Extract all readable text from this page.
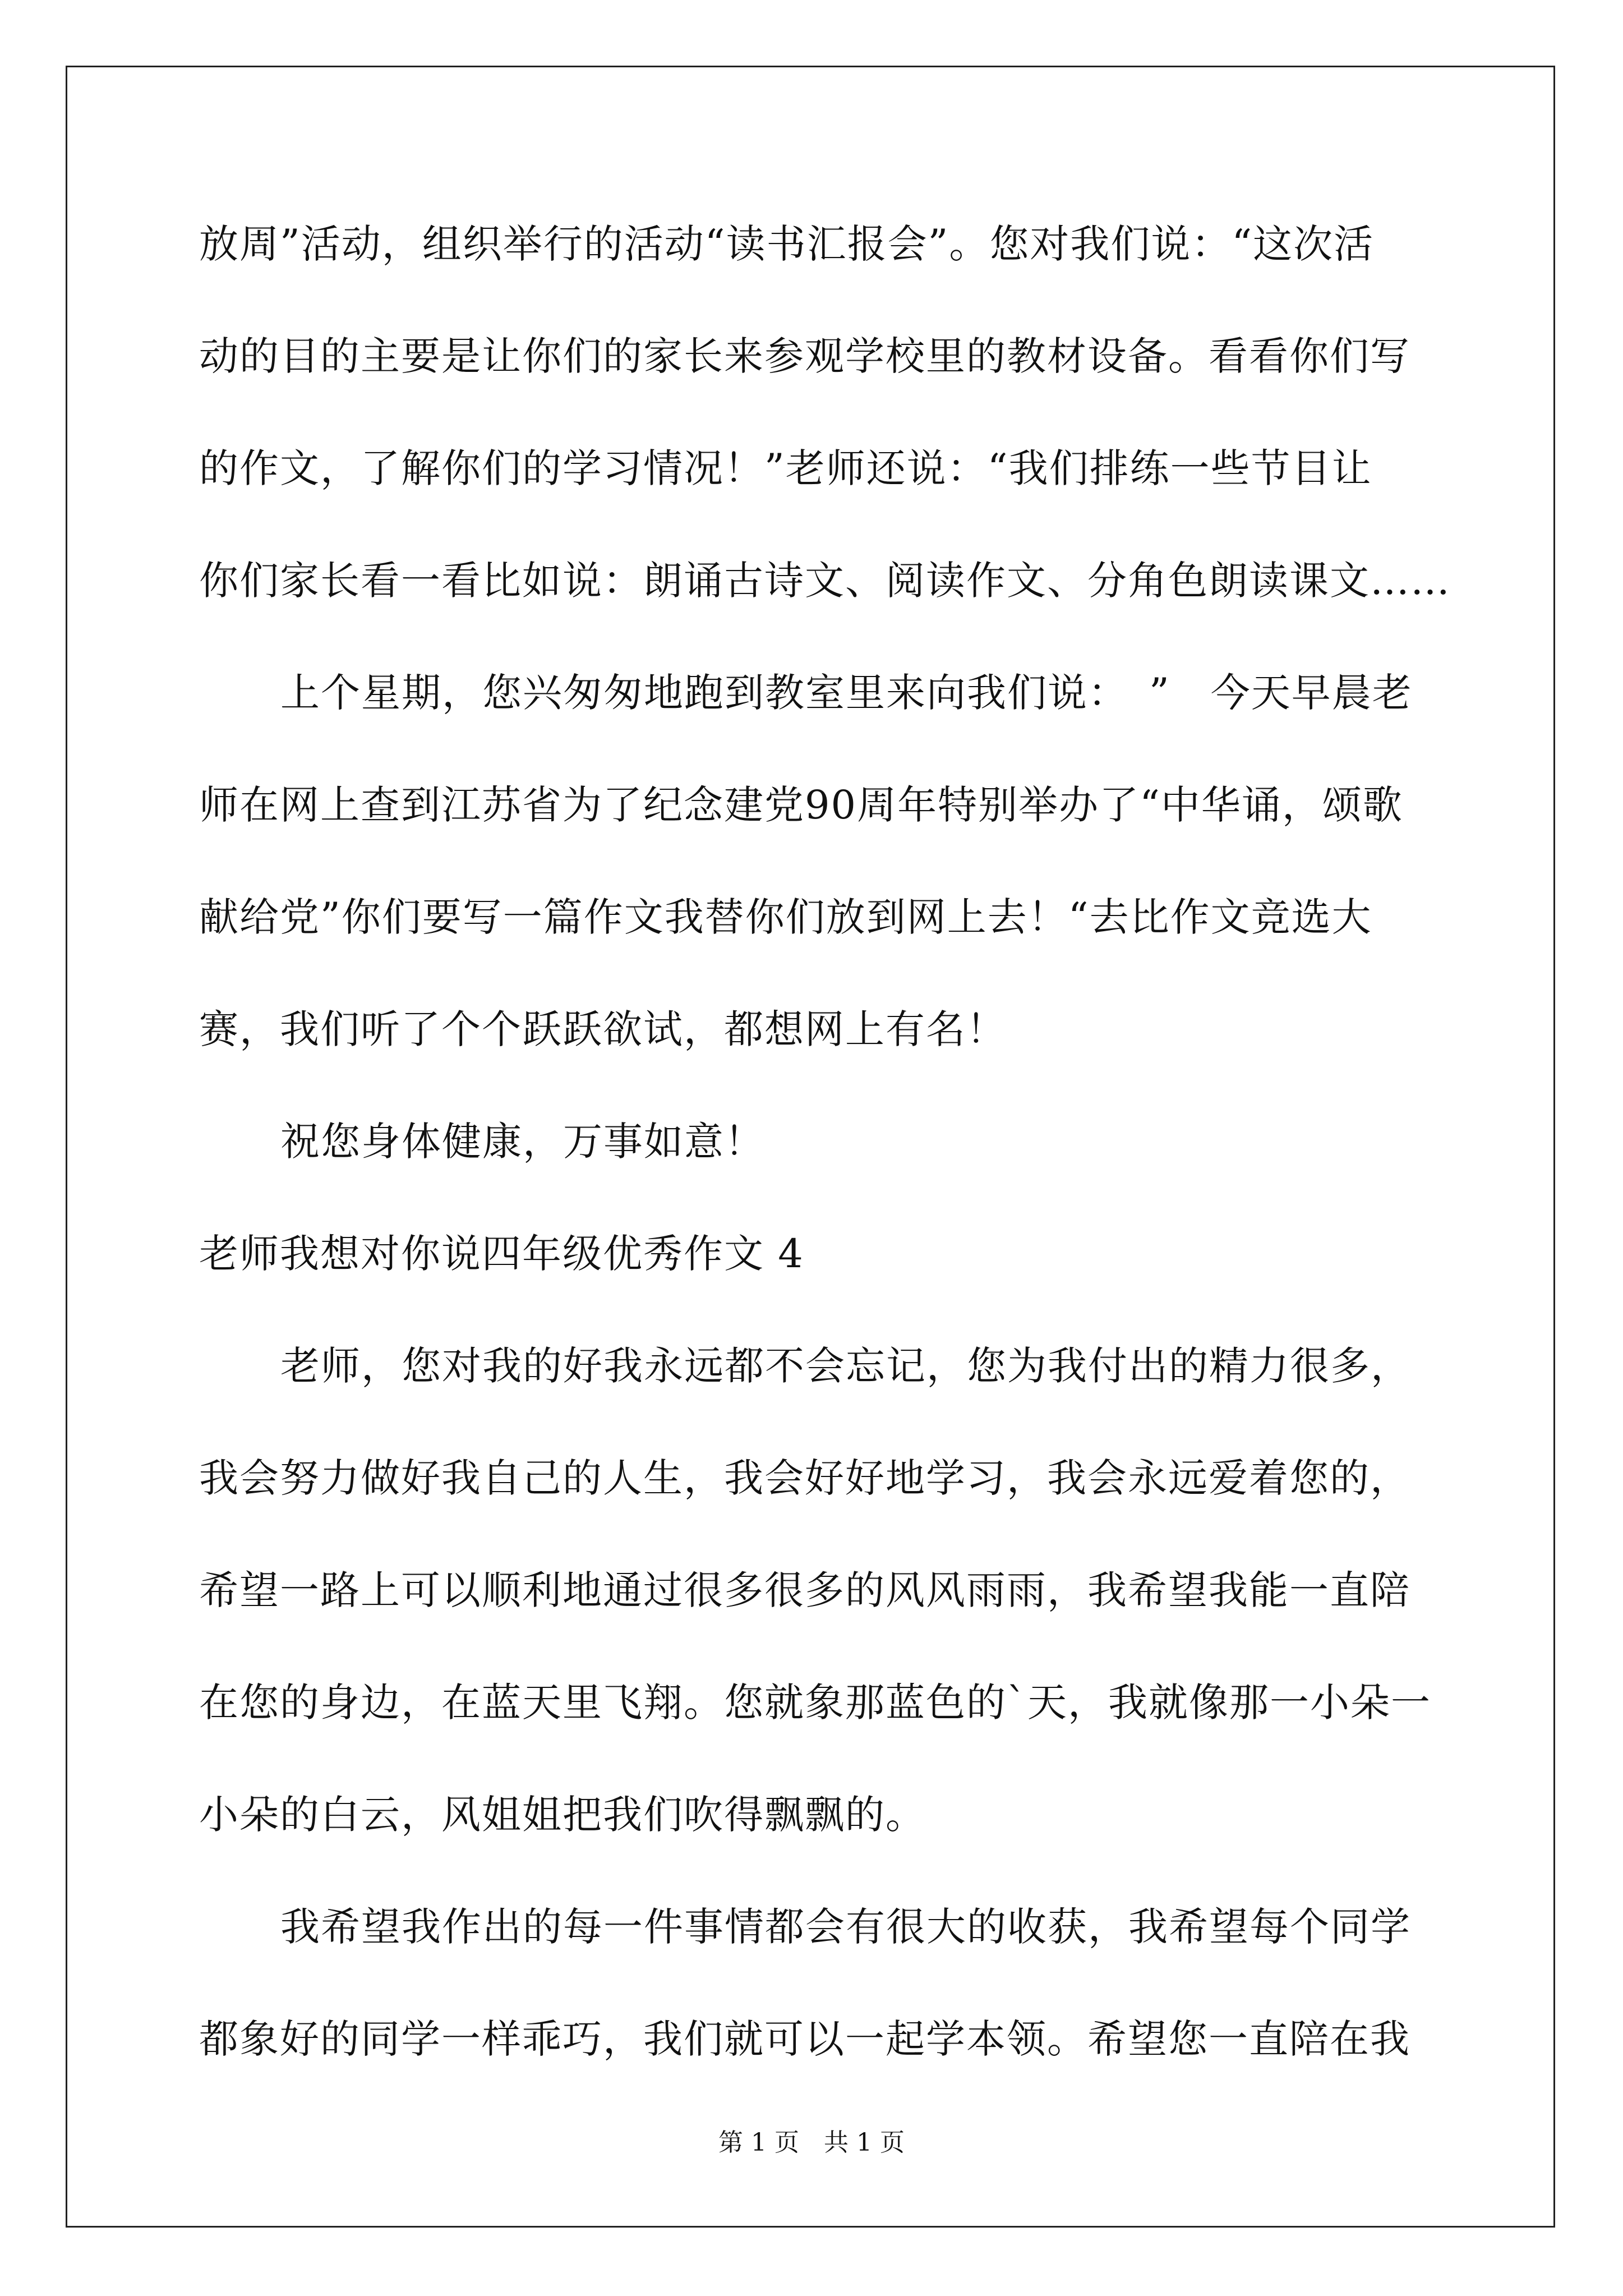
放周”活动，组织举行的活动“读书汇报会”。您对我们说：“这次活
动的目的主要是让你们的家长来参观学校里的教材设备。看看你们写
的作文，了解你们的学习情况！”老师还说：“我们排练一些节目让
你们家长看一看比如说：朗诵古诗文、阅读作文、分角色朗读课文……
上个星期，您兴匆匆地跑到教室里来向我们说：　”　今天早晨老
师在网上查到江苏省为了纪念建党90周年特别举办了“中华诵，颂歌
献给党”你们要写一篇作文我替你们放到网上去！“去比作文竞选大
赛，我们听了个个跃跃欲试，都想网上有名！
祝您身体健康，万事如意！
老师我想对你说四年级优秀作文 4
老师，您对我的好我永远都不会忘记，您为我付出的精力很多，
我会努力做好我自己的人生，我会好好地学习，我会永远爱着您的，
希望一路上可以顺利地通过很多很多的风风雨雨，我希望我能一直陪
在您的身边，在蓝天里飞翔。您就象那蓝色的`天，我就像那一小朵一
小朵的白云，风姐姐把我们吹得飘飘的。
我希望我作出的每一件事情都会有很大的收获，我希望每个同学
都象好的同学一样乖巧，我们就可以一起学本领。希望您一直陪在我
第 1 页　共 1 页
